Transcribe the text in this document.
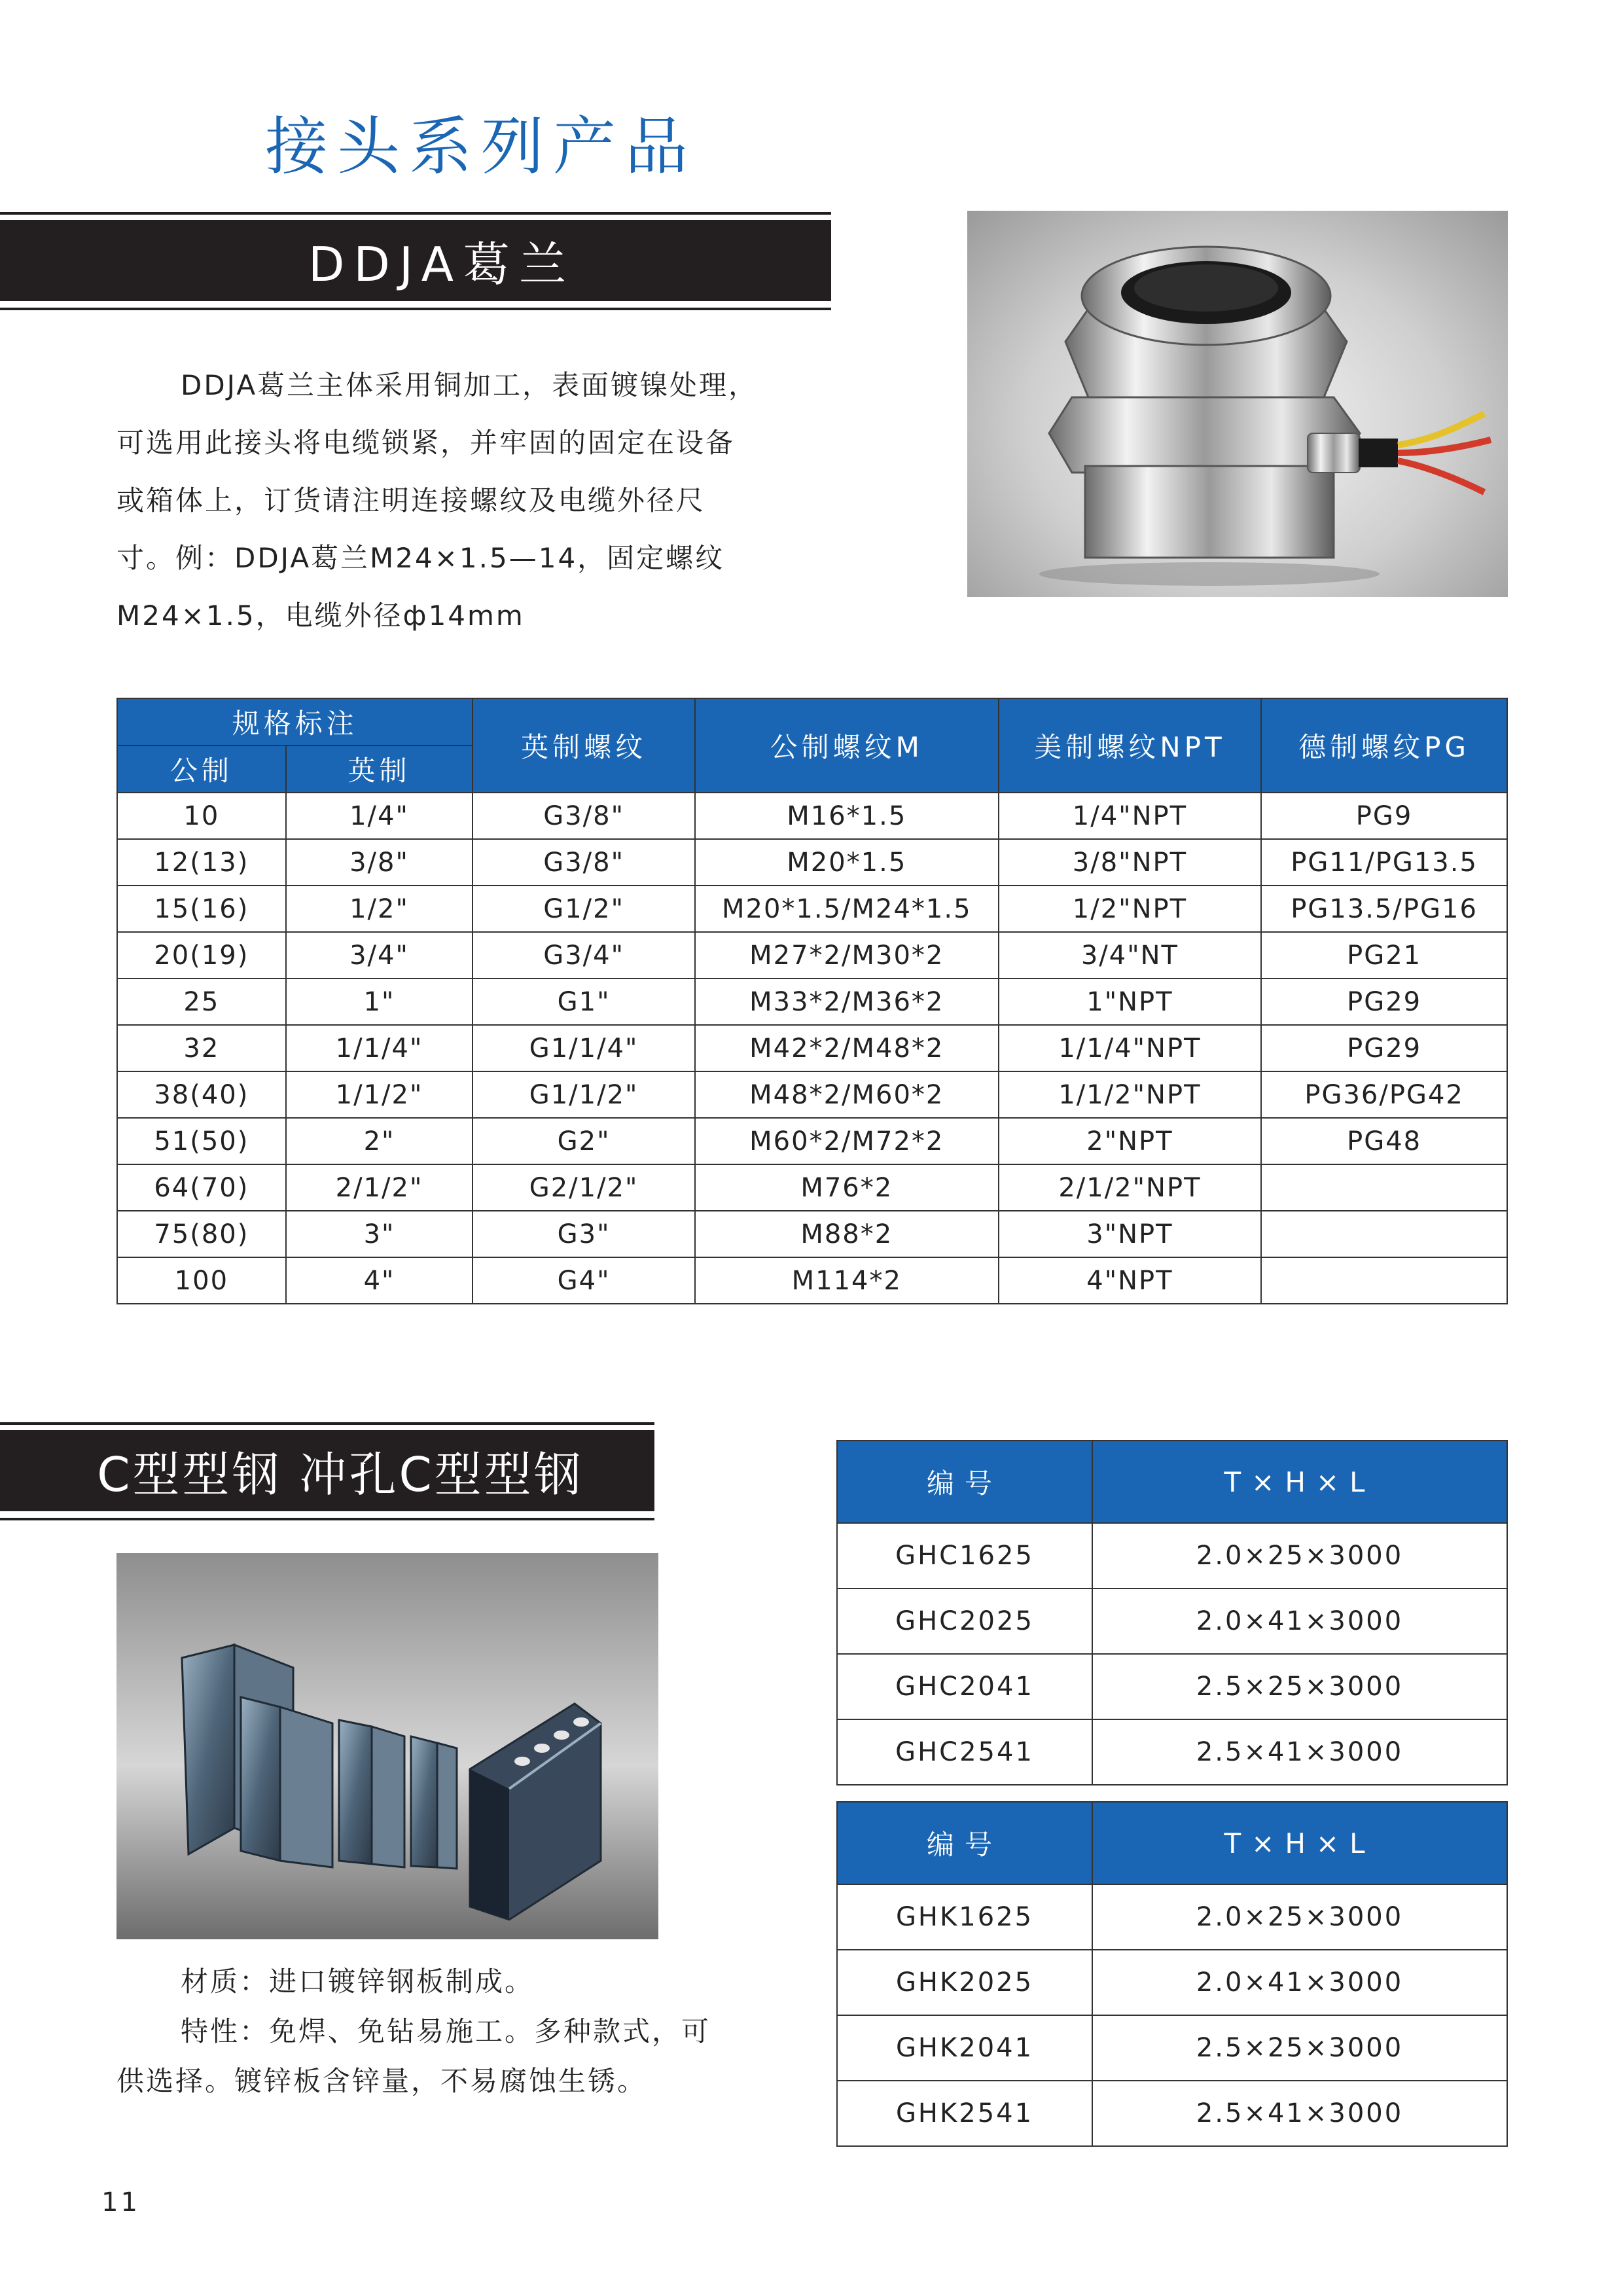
接头系列产品
DDJA葛兰

DDJA葛兰主体采用铜加工，表面镀镍处理，

可选用此接头将电缆锁紧，并牢固的固定在设备

或箱体上，订货请注明连接螺纹及电缆外径尺

寸。例：DDJA葛兰M24×1.5—14，固定螺纹

M24×1.5，电缆外径ф14mm

规格标注		英制螺纹	公制螺纹M	美制螺纹NPT	德制螺纹PG
公制	英制				
10	1/4"	G3/8"	M16*1.5	1/4"NPT	PG9
12(13)	3/8"	G3/8"	M20*1.5	3/8"NPT	PG11/PG13.5
15(16)	1/2"	G1/2"	M20*1.5/M24*1.5	1/2"NPT	PG13.5/PG16
20(19)	3/4"	G3/4"	M27*2/M30*2	3/4"NT	PG21
25	1"	G1"	M33*2/M36*2	1"NPT	PG29
32	1/1/4"	G1/1/4"	M42*2/M48*2	1/1/4"NPT	PG29
38(40)	1/1/2"	G1/1/2"	M48*2/M60*2	1/1/2"NPT	PG36/PG42
51(50)	2"	G2"	M60*2/M72*2	2"NPT	PG48
64(70)	2/1/2"	G2/1/2"	M76*2	2/1/2"NPT	
75(80)	3"	G3"	M88*2	3"NPT	
100	4"	G4"	M114*2	4"NPT	
C型型钢 冲孔C型型钢	编号	T×H×L
GHC1625	2.0×25×3000
GHC2025	2.0×41×3000
GHC2041	2.5×25×3000
GHC2541	2.5×41×3000
编号	T×H×L
GHK1625	2.0×25×3000
GHK2025	2.0×41×3000
GHK2041	2.5×25×3000
GHK2541	2.5×41×3000

材质：进口镀锌钢板制成。

特性：免焊、免钻易施工。多种款式，可

供选择。镀锌板含锌量，不易腐蚀生锈。

11
